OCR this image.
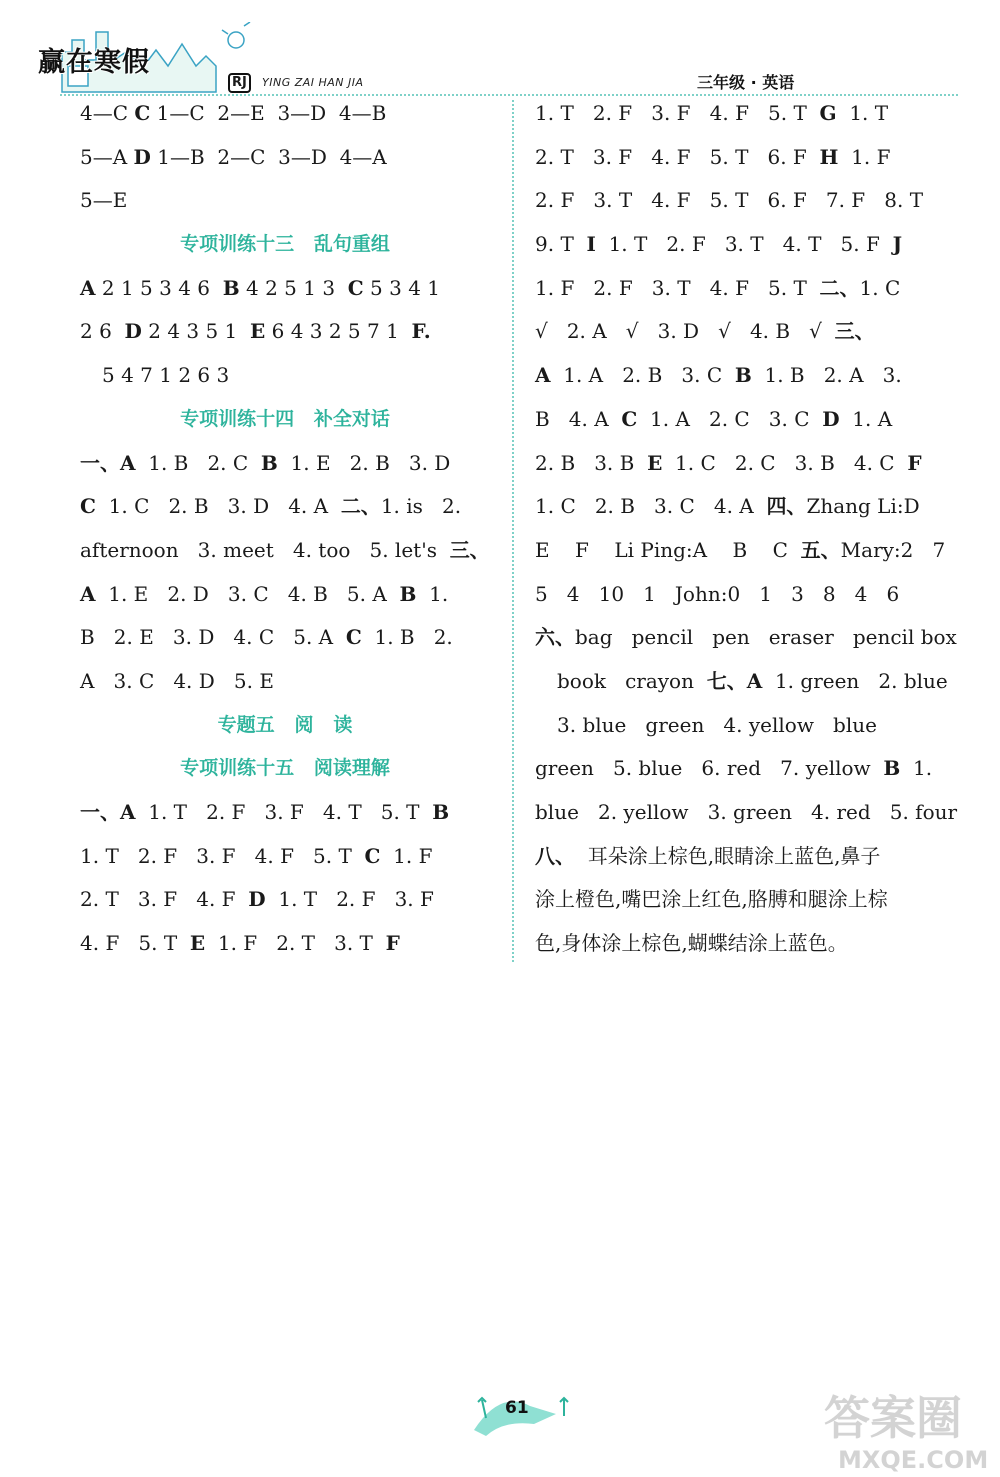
赢在寒假
RJ	YING ZAI HAN JIA	三年级 · 英语
4—C C 1—C  2—E  3—D  4—B
5—A D 1—B  2—C  3—D  4—A
5—E
专项训练十三   乱句重组
A 2 1 5 3 4 6  B 4 2 5 1 3  C 5 3 4 1
2 6  D 2 4 3 5 1  E 6 4 3 2 5 7 1  F.
5 4 7 1 2 6 3
专项训练十四   补全对话
一、A  1. B   2. C  B  1. E   2. B   3. D
C  1. C   2. B   3. D   4. A  二、1. is   2.
afternoon   3. meet   4. too   5. let's  三、
A  1. E   2. D   3. C   4. B   5. A  B  1.
B   2. E   3. D   4. C   5. A  C  1. B   2.
A   3. C   4. D   5. E
专题五   阅   读
专项训练十五   阅读理解
一、A  1. T   2. F   3. F   4. T   5. T  B
1. T   2. F   3. F   4. F   5. T  C  1. F
2. T   3. F   4. F  D  1. T   2. F   3. F
4. F   5. T  E  1. F   2. T   3. T  F
1. T   2. F   3. F   4. F   5. T  G  1. T
2. T   3. F   4. F   5. T   6. F  H  1. F
2. F   3. T   4. F   5. T   6. F   7. F   8. T
9. T  I  1. T   2. F   3. T   4. T   5. F  J
1. F   2. F   3. T   4. F   5. T  二、1. C
√   2. A   √   3. D   √   4. B   √  三、
A  1. A   2. B   3. C  B  1. B   2. A   3.
B   4. A  C  1. A   2. C   3. C  D  1. A
2. B   3. B  E  1. C   2. C   3. B   4. C  F
1. C   2. B   3. C   4. A  四、Zhang Li:D
E    F    Li Ping:A    B    C  五、Mary:2   7
5   4   10   1   John:0   1   3   8   4   6
六、bag   pencil   pen   eraser   pencil box
book   crayon  七、A  1. green   2. blue
3. blue   green   4. yellow   blue
green   5. blue   6. red   7. yellow  B  1.
blue   2. yellow   3. green   4. red   5. four
八、  耳朵涂上棕色,眼睛涂上蓝色,鼻子
涂上橙色,嘴巴涂上红色,胳膊和腿涂上棕
色,身体涂上棕色,蝴蝶结涂上蓝色。
61	答案圈
MXQE.COM
